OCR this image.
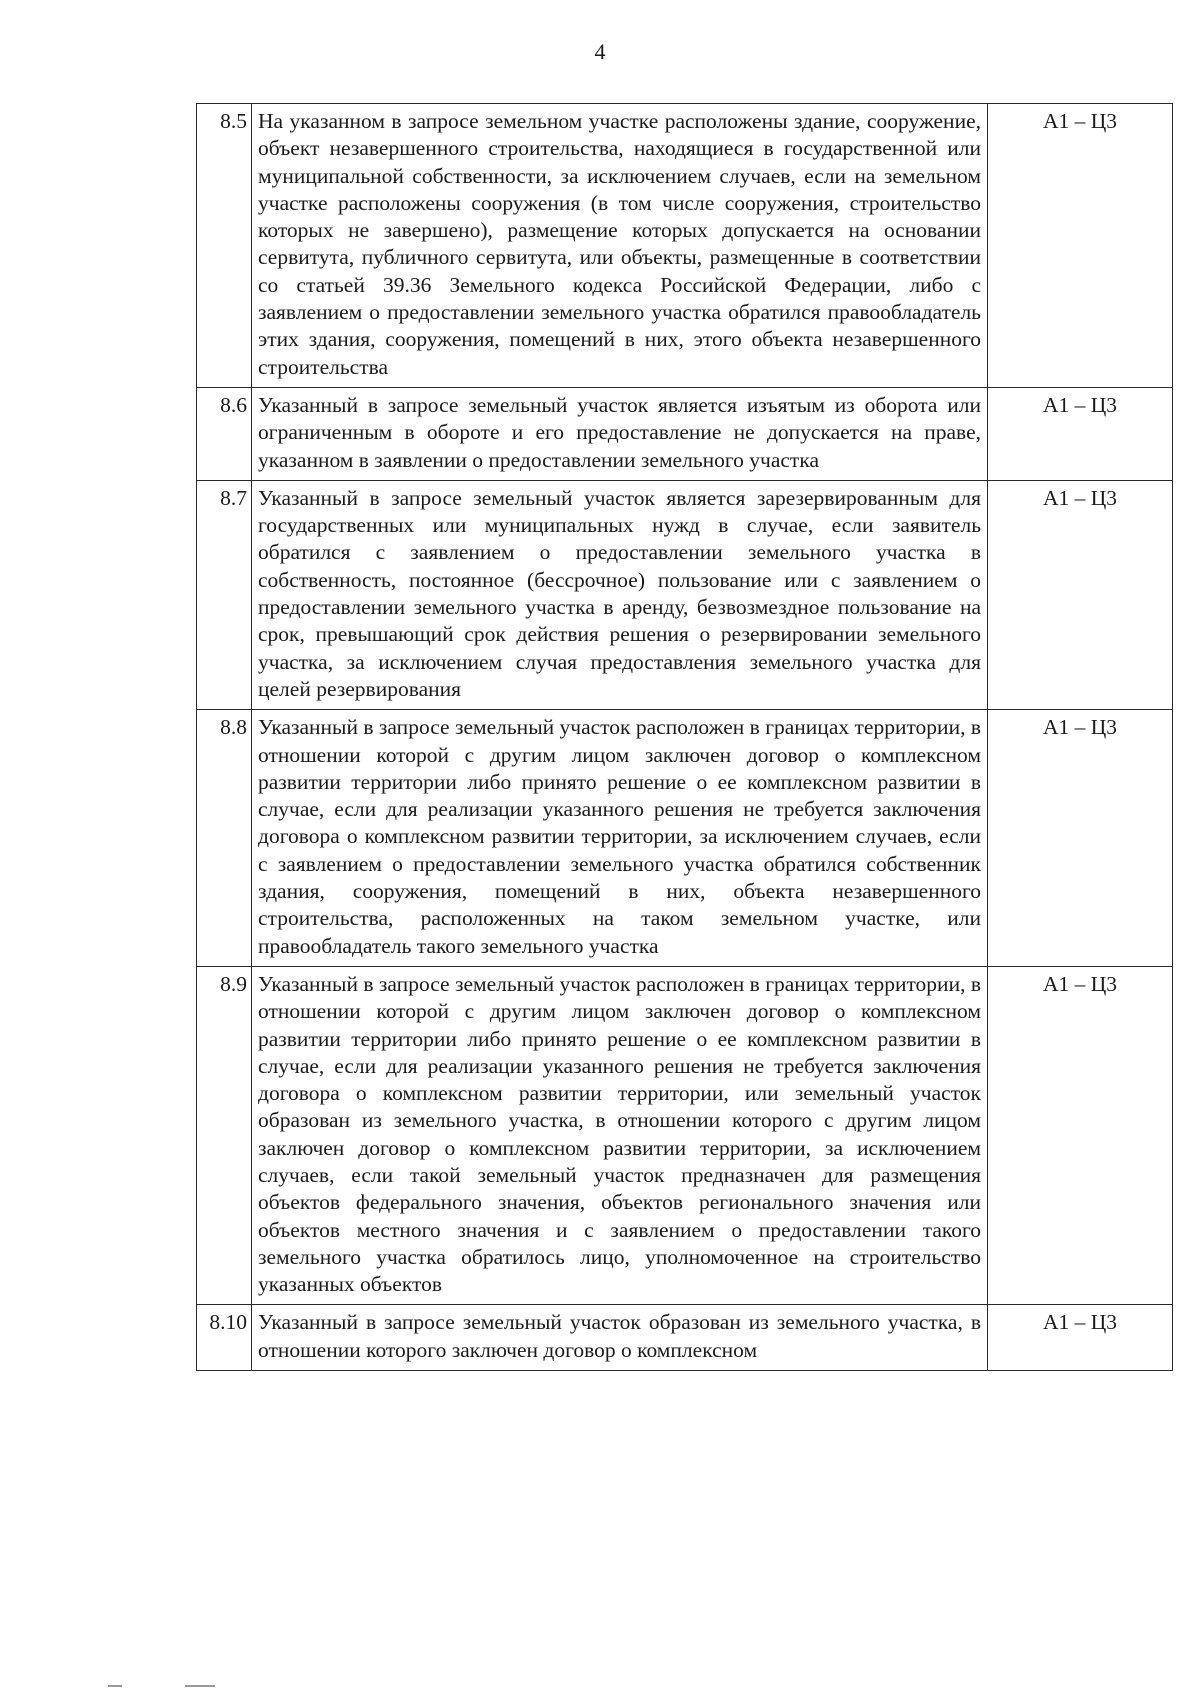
4
8.5	На указанном в запросе земельном участке расположены здание, сооружение, объект незавершенного строительства, находящиеся в государственной или муниципальной собственности, за исключением случаев, если на земельном участке расположены сооружения (в том числе сооружения, строительство которых не завершено), размещение которых допускается на основании сервитута, публичного сервитута, или объекты, размещенные в соответствии со статьей 39.36 Земельного кодекса Российской Федерации, либо с заявлением о предоставлении земельного участка обратился правообладатель этих здания, сооружения, помещений в них, этого объекта незавершенного строительства	А1 – Ц3
8.6	Указанный в запросе земельный участок является изъятым из оборота или ограниченным в обороте и его предоставление не допускается на праве, указанном в заявлении о предоставлении земельного участка	А1 – Ц3
8.7	Указанный в запросе земельный участок является зарезервированным для государственных или муниципальных нужд в случае, если заявитель обратился с заявлением о предоставлении земельного участка в собственность, постоянное (бессрочное) пользование или с заявлением о предоставлении земельного участка в аренду, безвозмездное пользование на срок, превышающий срок действия решения о резервировании земельного участка, за исключением случая предоставления земельного участка для целей резервирования	А1 – Ц3
8.8	Указанный в запросе земельный участок расположен в границах территории, в отношении которой с другим лицом заключен договор о комплексном развитии территории либо принято решение о ее комплексном развитии в случае, если для реализации указанного решения не требуется заключения договора о комплексном развитии территории, за исключением случаев, если с заявлением о предоставлении земельного участка обратился собственник здания, сооружения, помещений в них, объекта незавершенного строительства, расположенных на таком земельном участке, или правообладатель такого земельного участка	А1 – Ц3
8.9	Указанный в запросе земельный участок расположен в границах территории, в отношении которой с другим лицом заключен договор о комплексном развитии территории либо принято решение о ее комплексном развитии в случае, если для реализации указанного решения не требуется заключения договора о комплексном развитии территории, или земельный участок образован из земельного участка, в отношении которого с другим лицом заключен договор о комплексном развитии территории, за исключением случаев, если такой земельный участок предназначен для размещения объектов федерального значения, объектов регионального значения или объектов местного значения и с заявлением о предоставлении такого земельного участка обратилось лицо, уполномоченное на строительство указанных объектов	А1 – Ц3
8.10	Указанный в запросе земельный участок образован из земельного участка, в отношении которого заключен договор о комплексном	А1 – Ц3
